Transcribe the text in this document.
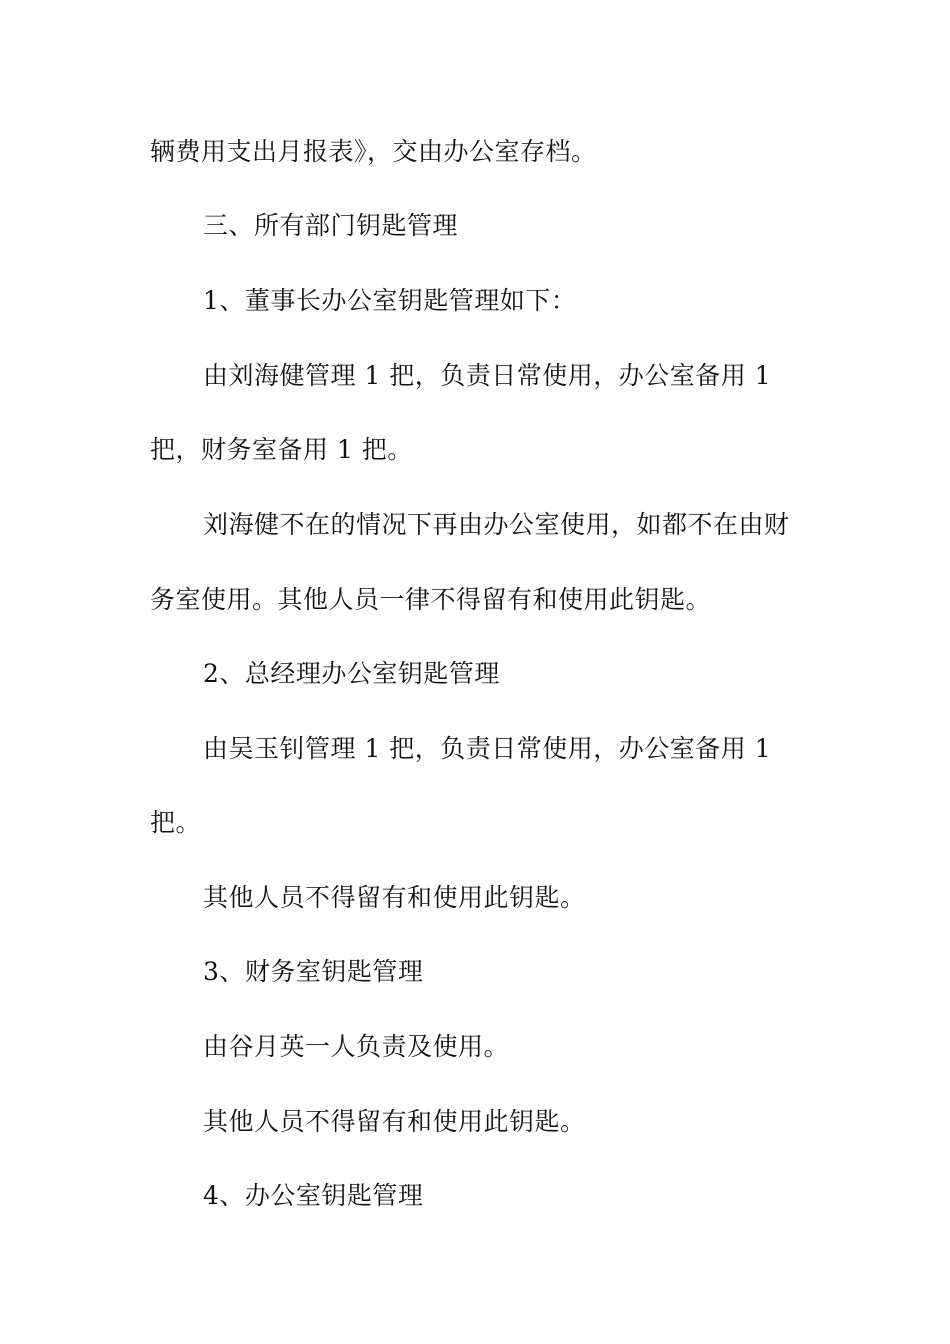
辆费用支出月报表》，交由办公室存档。
三、所有部门钥匙管理
1、董事长办公室钥匙管理如下：
由刘海健管理 1 把，负责日常使用，办公室备用 1
把，财务室备用 1 把。
刘海健不在的情况下再由办公室使用，如都不在由财
务室使用。其他人员一律不得留有和使用此钥匙。
2、总经理办公室钥匙管理
由吴玉钊管理 1 把，负责日常使用，办公室备用 1
把。
其他人员不得留有和使用此钥匙。
3、财务室钥匙管理
由谷月英一人负责及使用。
其他人员不得留有和使用此钥匙。
4、办公室钥匙管理
